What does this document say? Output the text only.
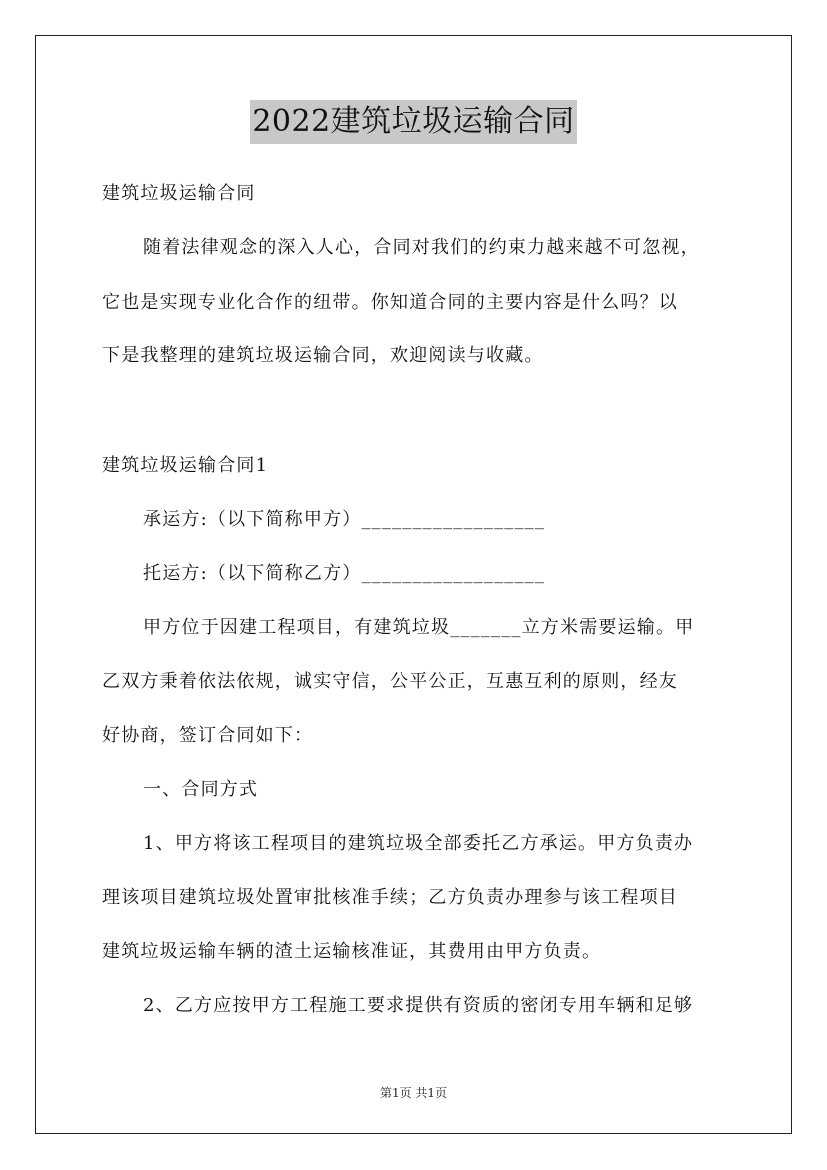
2022建筑垃圾运输合同
建筑垃圾运输合同
随着法律观念的深入人心，合同对我们的约束力越来越不可忽视，
它也是实现专业化合作的纽带。你知道合同的主要内容是什么吗？以
下是我整理的建筑垃圾运输合同，欢迎阅读与收藏。
建筑垃圾运输合同1
承运方:（以下简称甲方）__________________
托运方:（以下简称乙方）__________________
甲方位于因建工程项目，有建筑垃圾_______立方米需要运输。甲
乙双方秉着依法依规，诚实守信，公平公正，互惠互利的原则，经友
好协商，签订合同如下：
一、合同方式
1、甲方将该工程项目的建筑垃圾全部委托乙方承运。甲方负责办
理该项目建筑垃圾处置审批核准手续；乙方负责办理参与该工程项目
建筑垃圾运输车辆的渣土运输核准证，其费用由甲方负责。
2、乙方应按甲方工程施工要求提供有资质的密闭专用车辆和足够
第1页 共1页
